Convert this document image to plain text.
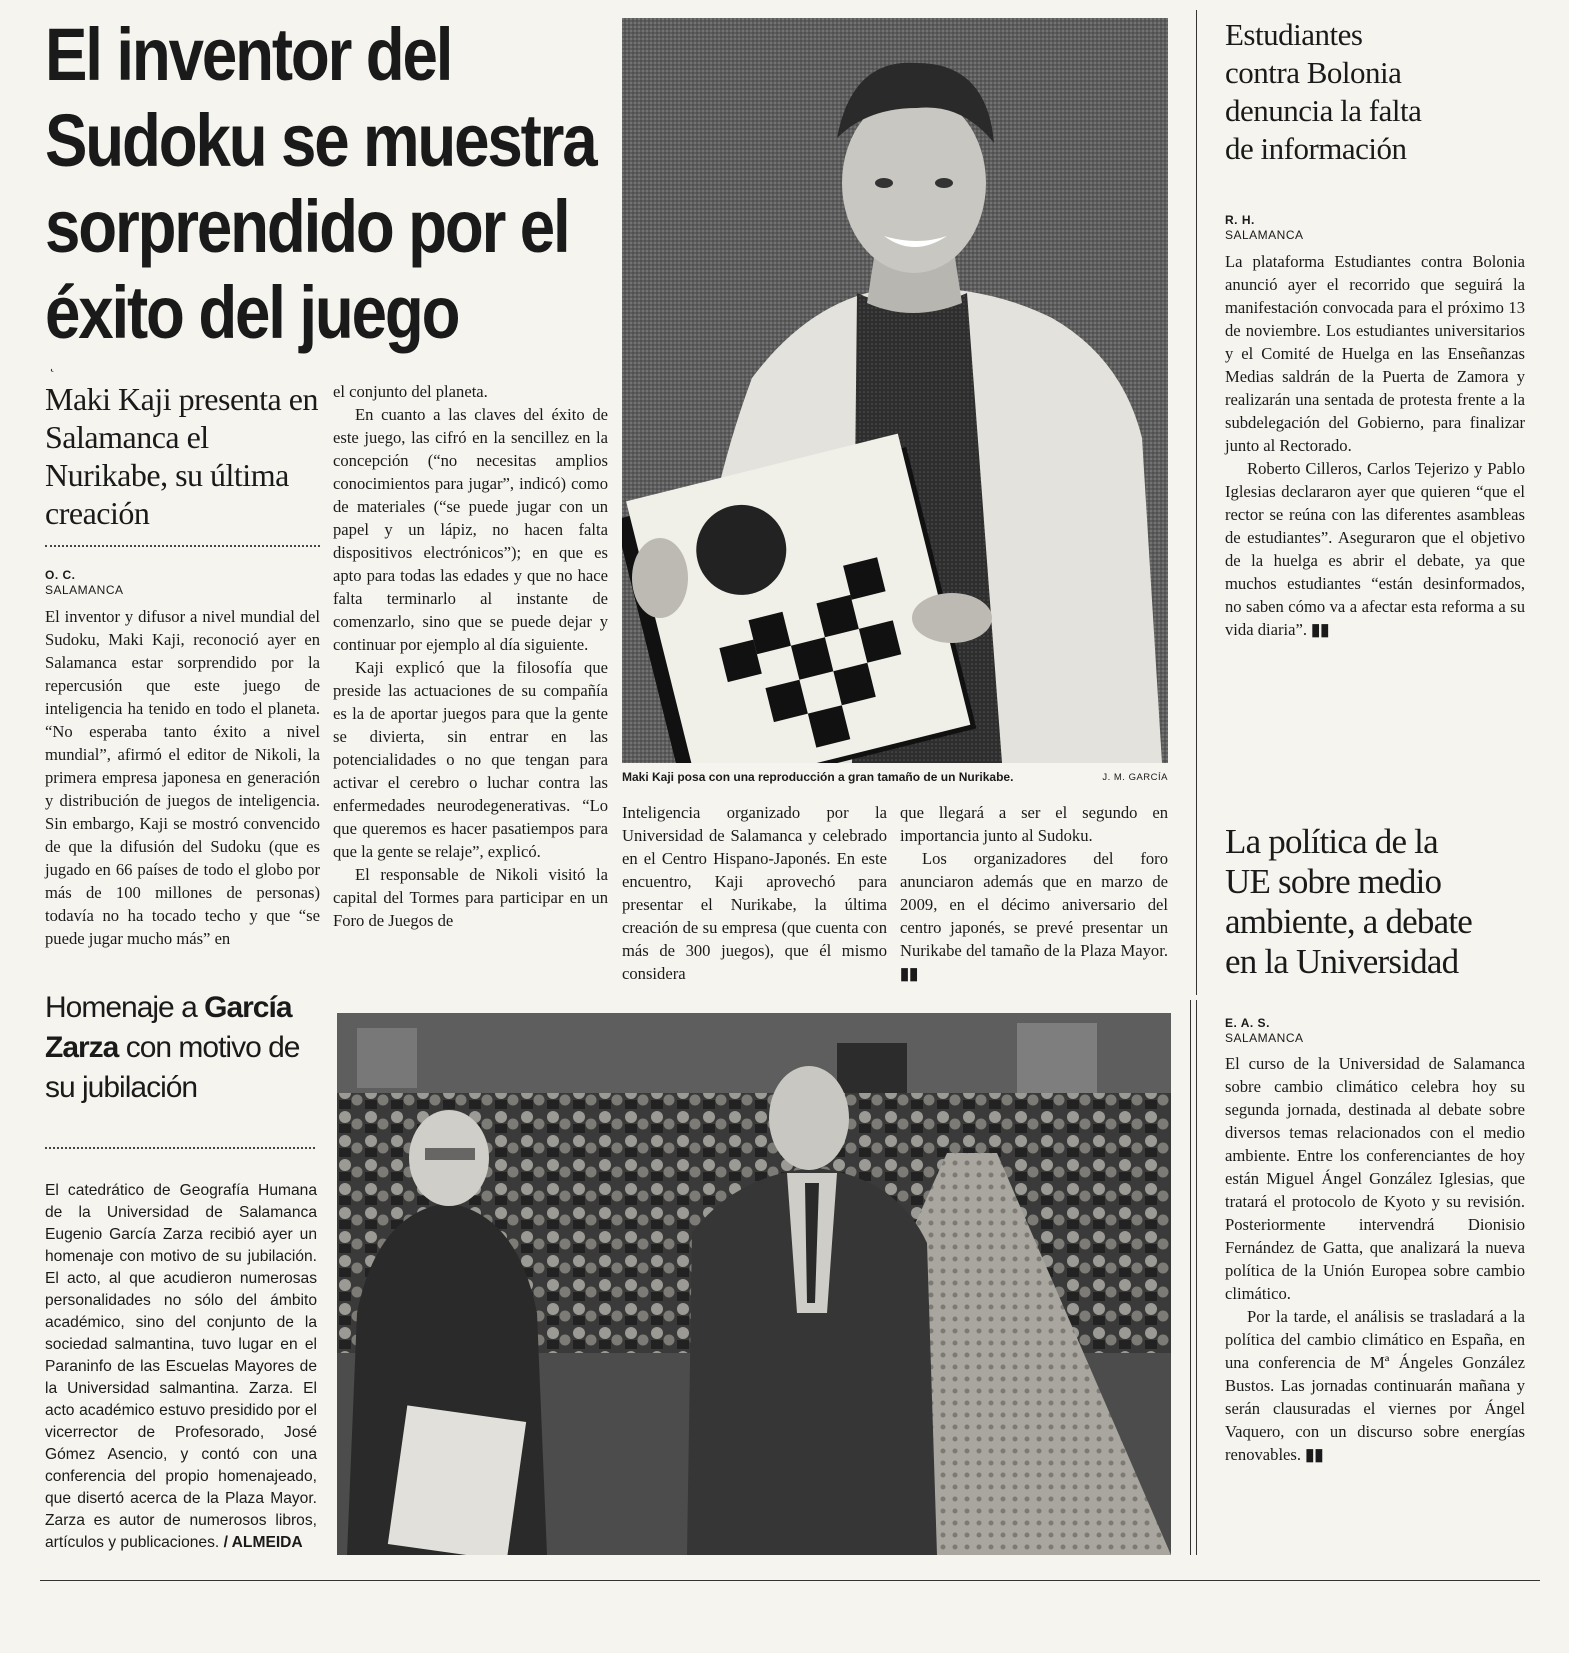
El inventor del
Sudoku se muestra
sorprendido por el
éxito del juego
˛
Maki Kaji presenta en Salamanca el Nurikabe, su última creación
O. C.
SALAMANCA

El inventor y difusor a nivel mundial del Sudoku, Maki Kaji, reconoció ayer en Salamanca estar sorprendido por la repercusión que este juego de inteligencia ha tenido en todo el planeta. “No esperaba tanto éxito a nivel mundial”, afirmó el editor de Nikoli, la primera empresa japonesa en generación y distribución de juegos de inteligencia. Sin embargo, Kaji se mostró convencido de que la difusión del Sudoku (que es jugado en 66 países de todo el globo por más de 100 millones de personas) todavía no ha tocado techo y que “se puede jugar mucho más” en

el conjunto del planeta.

En cuanto a las claves del éxito de este juego, las cifró en la sencillez en la concepción (“no necesitas amplios conocimientos para jugar”, indicó) como de materiales (“se puede jugar con un papel y un lápiz, no hacen falta dispositivos electrónicos”); en que es apto para todas las edades y que no hace falta terminarlo al instante de comenzarlo, sino que se puede dejar y continuar por ejemplo al día siguiente.

Kaji explicó que la filosofía que preside las actuaciones de su compañía es la de aportar juegos para que la gente se divierta, sin entrar en las potencialidades o no que tengan para activar el cerebro o luchar contra las enfermedades neurodegenerativas. “Lo que queremos es hacer pasatiempos para que la gente se relaje”, explicó.

El responsable de Nikoli visitó la capital del Tormes para participar en un Foro de Juegos de

Maki Kaji posa con una reproducción a gran tamaño de un Nurikabe.	J. M. GARCÍA

Inteligencia organizado por la Universidad de Salamanca y celebrado en el Centro Hispano-Japonés. En este encuentro, Kaji aprovechó para presentar el Nurikabe, la última creación de su empresa (que cuenta con más de 300 juegos), que él mismo considera

que llegará a ser el segundo en importancia junto al Sudoku.

Los organizadores del foro anunciaron además que en marzo de 2009, en el décimo aniversario del centro japonés, se prevé presentar un Nurikabe del tamaño de la Plaza Mayor. ▮▮

Estudiantes
contra Bolonia
denuncia la falta
de información
R. H.
SALAMANCA

La plataforma Estudiantes contra Bolonia anunció ayer el recorrido que seguirá la manifestación convocada para el próximo 13 de noviembre. Los estudiantes universitarios y el Comité de Huelga en las Enseñanzas Medias saldrán de la Puerta de Zamora y realizarán una sentada de protesta frente a la subdelegación del Gobierno, para finalizar junto al Rectorado.

Roberto Cilleros, Carlos Tejerizo y Pablo Iglesias declararon ayer que quieren “que el rector se reúna con las diferentes asambleas de estudiantes”. Aseguraron que el objetivo de la huelga es abrir el debate, ya que muchos estudiantes “están desinformados, no saben cómo va a afectar esta reforma a su vida diaria”. ▮▮

La política de la
UE sobre medio
ambiente, a debate
en la Universidad
E. A. S.
SALAMANCA

El curso de la Universidad de Salamanca sobre cambio climático celebra hoy su segunda jornada, destinada al debate sobre diversos temas relacionados con el medio ambiente. Entre los conferenciantes de hoy están Miguel Ángel González Iglesias, que tratará el protocolo de Kyoto y su revisión. Posteriormente intervendrá Dionisio Fernández de Gatta, que analizará la nueva política de la Unión Europea sobre cambio climático.

Por la tarde, el análisis se trasladará a la política del cambio climático en España, en una conferencia de Mª Ángeles González Bustos. Las jornadas continuarán mañana y serán clausuradas el viernes por Ángel Vaquero, con un discurso sobre energías renovables. ▮▮

Homenaje a García Zarza con motivo de su jubilación
El catedrático de Geografía Humana de la Universidad de Salamanca Eugenio García Zarza recibió ayer un homenaje con motivo de su jubilación. El acto, al que acudieron numerosas personalidades no sólo del ámbito académico, sino del conjunto de la sociedad salmantina, tuvo lugar en el Paraninfo de las Escuelas Mayores de la Universidad salmantina. Zarza. El acto académico estuvo presidido por el vicerrector de Profesorado, José Gómez Asencio, y contó con una conferencia del propio homenajeado, que disertó acerca de la Plaza Mayor. Zarza es autor de numerosos libros, artículos y publicaciones. / ALMEIDA
